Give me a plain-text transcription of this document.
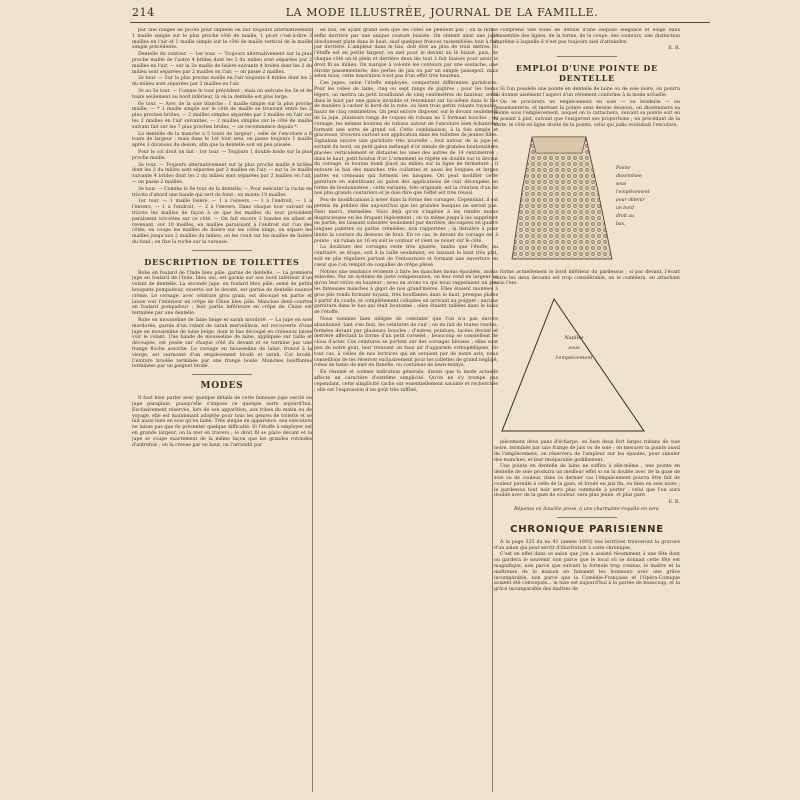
214	LA MODE ILLUSTRÉE, JOURNAL DE LA FAMILLE.

par une rangée de picots pour laquelle on fait toujours alternativement 1 maille simple sur le plus proche côté de maille, 1 picot c'est-à-dire 3 mailles en l'air et 1 maille simple sur le côté de maille vertical de la maille simple précédente.

Dentelle du contour. — 1er tour. — Toujours alternativement sur la plus proche maille de l'autre 4 brides dont les 2 du milieu sont séparées par 2 mailles en l'air, — sur la 2e maille de lisière suivante 4 brides dont les 2 du milieu sont séparées par 2 mailles en l'air, — on passe 2 mailles.

2e tour. — Sur la plus proche maille en l'air toujours 4 brides dont les 2 du milieu sont séparées par 2 mailles en l'air.

3e au 5e tour. — Comme le tour précédent ; mais on exécute les 3e et 4e tours seulement au bord inférieur, là où la dentelle est plus large.

6e tour. — Avec de la soie blanche : 1 maille simple sur la plus proche maille, — * 1 maille simple sur le côté de maille se trouvant entre les 2 plus proches brides, — 2 mailles simples séparées par 2 mailles en l'air sur les 2 mailles en l'air suivantes, — 2 mailles simples sur le côté de maille suivant fait sur les 7 plus proches brides, — on recommence depuis *.

La dentelle de la manche a 5 tours de largeur ; celle de l'encolure a 6 tours de largeur ; mais dans le 1er tour seul, on passe toujours 1 maille après 3 divisions du dessin, afin que la dentelle soit un peu plissée.

Pour le col droit on fait : 1er tour. — Toujours 1 double bride sur la plus proche maille.

2e tour. — Toujours alternativement sur la plus proche maille 4 brides dont les 2 du milieu sont séparées par 2 mailles en l'air, — sur la 2e maille suivante 4 brides dont les 2 du milieu sont séparées par 2 mailles en l'air, — on passe 2 mailles.

3e tour. — Comme le 6e tour de la dentelle. — Pour exécuter la ruche en tricote d'abord une bande qui sert de fond ; on monte 10 mailles.

1er tour. — 1 maille lisière, — 1 à l'envers, — 1 à l'endroit, — 1 à l'envers, — 1 à l'endroit, — 2 à l'envers. Dans chaque tour suivant on tricote les mailles de façon à ce que les mailles du tour précédent paraissent tricotées sur ce côté. — On fait encore 2 bandes en allant et revenant, sur 10 mailles, en mailles paraissant à l'endroit sur l'un des côtés, on coupe les mailles de lisière sur les côtés longs, on sépare les mailles jusqu'aux 2 mailles du milieu, on les coud sur les mailles de lisière du fond ; on fixe la ruche sur la varouse.

DESCRIPTION DE TOILETTES

Robe en foulard de l'Inde bleu pâle, garnie de dentelle. — La première jupe en foulard de l'Inde, bleu uni, est garnie sur son bord inférieur d'un volant de dentelle. La seconde jupe, en foulard bleu pâle, semé de petits bouquets pompadour, ouverte sur le devant, est garnie de dentelle nuance crème. Le corsage, avec ceinture gros grain, est découpé en partie et laisse voir l'intérieur en crêpe de Chine bleu pâle. Manches demi-courtes en foulard pompadour ; leur partie inférieure en crêpe de Chine est terminée par une dentelle.

Robe en mousseline de laine beige et sarah mordoré. — La jupe en soie mordorée, garnie d'un volant de sarah merveilleux, est recouverte d'une jupe en mousseline de laine beige, dont le bas découpé en créneaux laisse voir le volant. Une bande de mousseline de laine, appliquée sur taille et découpée, est posée sur chaque côté du devant et se termine par une frange floche assortie. Le corsage en mousseline de laine, froncé à la vierge, est surmonté d'un empiècement brodé et sarah. Col brodé. Ceinture brodée terminée par une frange boule. Manches bouffantes terminées par un poignet brodé.

MODES

Il faut bien parler avec quelque détails de cette fameuse jupe cerclé ou jupe parapluie, puisqu'elle s'impose ce quelque sorte aujourd'hui. Exclusivement réservée, lors de son apparition, aux robes du matin ou de voyage, elle est maintenant adoptée pour tous les genres de toilette et se fait aussi bien en soie qu'en laine. Très simple en apparence, son exécution ne laisse pas que de présenter quelque difficulté. Si l'étoffe à employer est en grande largeur, on la met en travers ; le droit fil se place devant et la jupe se coupe exactement de la même façon que les grandes rotondes d'autrefois ; on la creuse par en haut, on l'arrondit par

en bas, en ayant grand soin que les côtés ne pendent pas ; on la ferme enfin derrière par une unique couture biaisée. On obtient ainsi une jupe absolument plate dans le haut, sauf quelques fronces rassemblées tout à fait par derrière. L'ampleur dans le bas, doit être au plus de trois mètres. Si l'étoffe est en petite largeur, on met pour le devant un lé biaisé, puis, de chaque côté un lé plein et derrière deux lés tout à fait biaisés pour avoir le droit fil au milieu. On marque à volonté les contours par une soutache, une étroite passementerie, des perles de jais ou par un simple passepoil, mais selon nous, cette innovation n'est pas d'un effet très heureux.

Ces jupes, selon l'étoffe employée, comportent différentes garnitures. Pour les robes de laine, cinq ou sept rangs de piqûres ; pour les tissus légers, on mettra un petit bouillonné de cinq centimètres de hauteur, serré dans le haut par une gance invisible et retombant sur lui-même dans le bas de manière à cacher le bord de la robe, ou bien trois petits volants tuyautés, hauts de cinq centimètres. On peut encore disposer, sur le devant seulement de la jupe, plusieurs rangs de coques de rubans no 5 formant boucles ; au corsage, les mêmes boutons de rubans autour de l'encolure bien échancrée formant une sorte de grand col. Cette combinaison, à la fois simple et gracieuse, trouvera surtout son application dans les toilettes de jeunes filles. Signalons encore une garniture très nouvelle : tout autour de la jupe et sortant du bord, un petit galon mélangé d'or simule de grandes boutonnières placées verticalement et distantes les unes des autres de 14 centimètres ; dans le haut, petit bouton d'or. L'ornement se répète en double sur le devant du corsage, le bouton étant placé au milieu sur la ligne de fermeture ; il entoure le bas des manches très collantes et aussi les longues et larges pattes en créneaux qui forment les basques. On peut modifier cette garniture en substituant au galon des applications de cuir découpées en forme de boutonnières ; cette variante, très originale, est la création d'un de nos plus grands couturiers et je dois dire que l'effet est très réussi.

Peu de modifications à noter dans la forme des corsages. Cependant, il est permis de prédire dès aujourd'hui que les grandes basques ne seront pas. Dieu merci, éternelles. Voici déjà qu'on s'ingénie à les rendre moins disgracieuses en les drapant légèrement ; on va même jusqu'à les supprimer en partie, les laissant subsister seulement par derrière, découpées en quatre longues palettes ou pattes crénelées, non rapportées ; la dernière à pour limite la couture du dessous de bras. En ce cas, le devant du corsage est à pointe ; un ruban no 16 en suit le contour et vient se nouer sur le côté.

La doublure des corsages reste très ajustée, tandis que l'étoffe, au contraire, se drape, soit à la taille seulement, en laissant le haut très plat, soit en plis réguliers partant de l'entournure et formant une ouverture en cœur que l'on remplit de coquilles de crêpe plissé.

Notons une tendance évidente à faire les manches moins épaulées, moins enlevées. Par un système de juste compensation, on leur rend en largeur ce qu'on leur retire en hauteur ; nous en avons vu qui nous rappelaient un peu les fameuses manches à gigot de nos grand'mères. Elles étaient montées à gros plis ronds formant tuyaux, très bouffantes dans le haut, presque plates à partir du coude, et complètement collantes en arrivant au poignet ; aucune garniture dans le bas qui était boutonné ; elles étaient taillées dans le biais de l'étoffe.

Nous sommes bien obligée de constater que l'on n'a pas encore abandonné, tant s'en faut, les ceintures de cuir ; on en fait de toutes rondes, fermées devant par plusieurs boucles ; d'autres pointues, lacées devant et derrière affectant la forme d'un petit corselet ; beaucoup se constellent de clous d'acier. Ces ceintures se portent sur des corsages blouses ; elles sont peu de notre goût, leur trouvant un faux air d'appareils orthopédiques. En tout cas, à celles de nos lectrices qui en seraient par de notre avis, nous conseillons de les réserver exclusivement pour les toilettes de grand négligé, robes de bains de mer en flanelle, ou costumes de lawn-tennys.

En résumé et comme indication générale, disons que la mode actuelle affecte un caractère d'extrême simplicité. Qu'on ne s'y trompe pas cependant, cette simplicité cache sur essentiellement savante et recherchée ; elle est l'expression d'un goût très raffiné,

comprend une foule de détails d'une exquise élégance et exige dans l'ensemble des lignes, de la forme, de la coupe, des couleurs, une distinction suprême à laquelle il n'est pas toujours aisé d'atteindre.

E. R.

EMPLOI D'UNE POINTE DE DENTELLE

Si l'on possède une pointe en dentelle de laine ou de soie noire, on pourra lui donner aisément l'aspect d'un vêtement conforme à la mode actuelle.

On se procurera un empiècement en soie — ou broderie — ou passementerie, et mettant la pointe sens dessus dessous, on disséminera sa pointe sous l'empiècement, auquel on la rattachera, suivant sa pointe soit en la posant à plat, suivant que l'exigeront ses proportions ; en procédant de la sorte, le côté en ligne droite de la pointe, celui qui jadis avoisinait l'encolure,

Pointe disséminée sous l'empiècement pour obtenir un bord droit au bas.

forme actuellement le bord inférieur du pardessus ; si par devant, l'écart entre les deux devants est trop considérable, on le comblera, en attachant sous l'em-

Naplise
sous
l'empiècement

piècement deux pans d'écharpe, ou bien deux fort larges rubans de soie noire, terminés par une frange de jais ou de soie ; on mesurer la pointe aussi de l'empiècement, on réservera de l'ampleur sur les épaules, pour simuler des manches, et leur inséparable godillement.

Une pointe en dentelle de laine ne suffira à elle-même ; une pointe en dentelle de soie produira un meilleur effet si on la double avec de la gaze de soie ou de couleur, dans ce dernier cas l'empiècement pourra être fait de couleur pareille à celle de la gaze, et brodé en jais fin, ou bien en soie noire ; le pardessus tout noir sera plus commode à porter ; celui que l'on aura doublé avec de la gaze de couleur, sera plus jeune, et plus paré.

E. R.

Réponse en bouclée prose, à une charmante requête en vers.

CHRONIQUE PARISIENNE

A la page 325 du no 41 (année 1893) nos lectrices trouveront la gravure d'un salon qui peut servir d'illustration à cette chronique.

C'est en effet dans ce salon que j'en a assisté récemment à une fête dont on gardera le souvenir non parce que le local où se donnait cette fête est magnifique, non parce que suivant la formule trop connue, le maître et la maîtresse de la maison en faisaient les honneurs avec une grâce incomparable, non parce que la Comédie-Française et l'Opéra-Comique avaient été convoqués... le luxe est aujourd'hui à la portée de beaucoup, et la grâce incomparable des maîtres de
